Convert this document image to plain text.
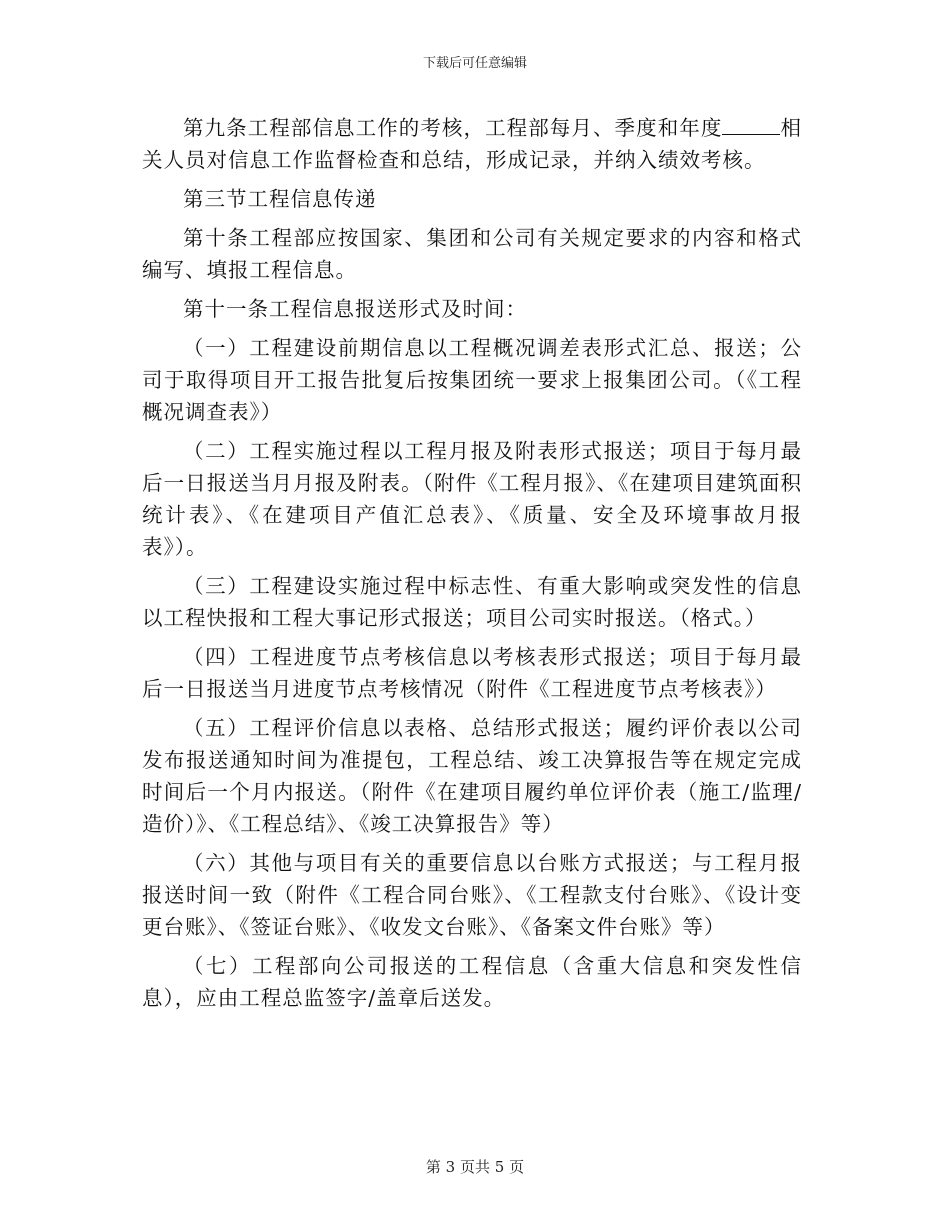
下载后可任意编辑

第九条工程部信息工作的考核，工程部每月、季度和年度	相关人员对信息工作监督检查和总结，形成记录，并纳入绩效考核。

第三节工程信息传递

第十条工程部应按国家、集团和公司有关规定要求的内容和格式编写、填报工程信息。

第十一条工程信息报送形式及时间：

（一）工程建设前期信息以工程概况调差表形式汇总、报送；公司于取得项目开工报告批复后按集团统一要求上报集团公司。（《工程概况调查表》）

（二）工程实施过程以工程月报及附表形式报送；项目于每月最后一日报送当月月报及附表。（附件《工程月报》、《在建项目建筑面积统计表》、《在建项目产值汇总表》、《质量、安全及环境事故月报表》）。

（三）工程建设实施过程中标志性、有重大影响或突发性的信息以工程快报和工程大事记形式报送；项目公司实时报送。（格式。）

（四）工程进度节点考核信息以考核表形式报送；项目于每月最后一日报送当月进度节点考核情况（附件《工程进度节点考核表》）

（五）工程评价信息以表格、总结形式报送；履约评价表以公司发布报送通知时间为准提包，工程总结、竣工决算报告等在规定完成时间后一个月内报送。（附件《在建项目履约单位评价表（施工/监理/造价）》、《工程总结》、《竣工决算报告》等）

（六）其他与项目有关的重要信息以台账方式报送；与工程月报报送时间一致（附件《工程合同台账》、《工程款支付台账》、《设计变更台账》、《签证台账》、《收发文台账》、《备案文件台账》等）

（七）工程部向公司报送的工程信息（含重大信息和突发性信息），应由工程总监签字/盖章后送发。

第 3 页共 5 页
